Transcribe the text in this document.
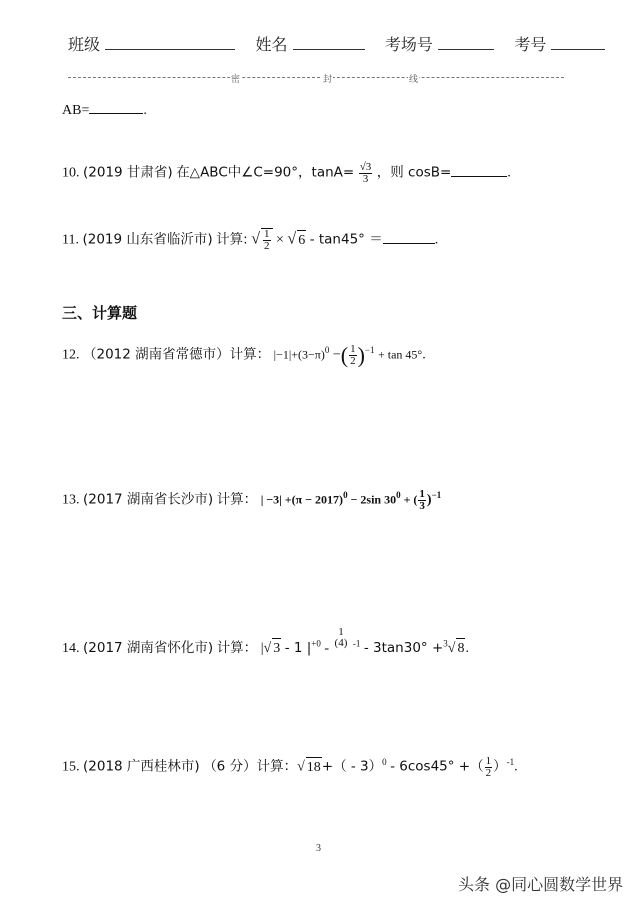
班级	姓名	考场号	考号
密	封	线
AB=	.
10. (2019 甘肃省) 在△ABC中∠C=90°，$\tan A= \frac{√3}{3}$ ，则 cosB=	.
11. (2019 山东省临沂市) 计算: √ $\frac{1}{2}$ × √ 6 - tan45° ＝	.
三、计算题
12. （2012 湖南省常德市）计算： $|-1|+(3-\pi)^0$ −( $\frac{1}{2} )^{-1} + \tan 45^\circ$.
13. (2017 湖南省长沙市) 计算： | $-3| +(\pi - 2017)^0 - 2\sin$ $30^0$ + ( $\frac{1}{3} )^{-1}$
14. (2017 湖南省怀化市) 计算： |√ 3 - 1 $|^{+0}$ -
1
(4) $^{-1}$ - 3tan30° +$^3$√ 8.
15. (2018 广西桂林市) （6 分）计算：√ 18+（ - 3）$^0$ - 6cos45° +（ $\frac{1}{2} )^{-1}$.
3
头条 @同心圆数学世界
